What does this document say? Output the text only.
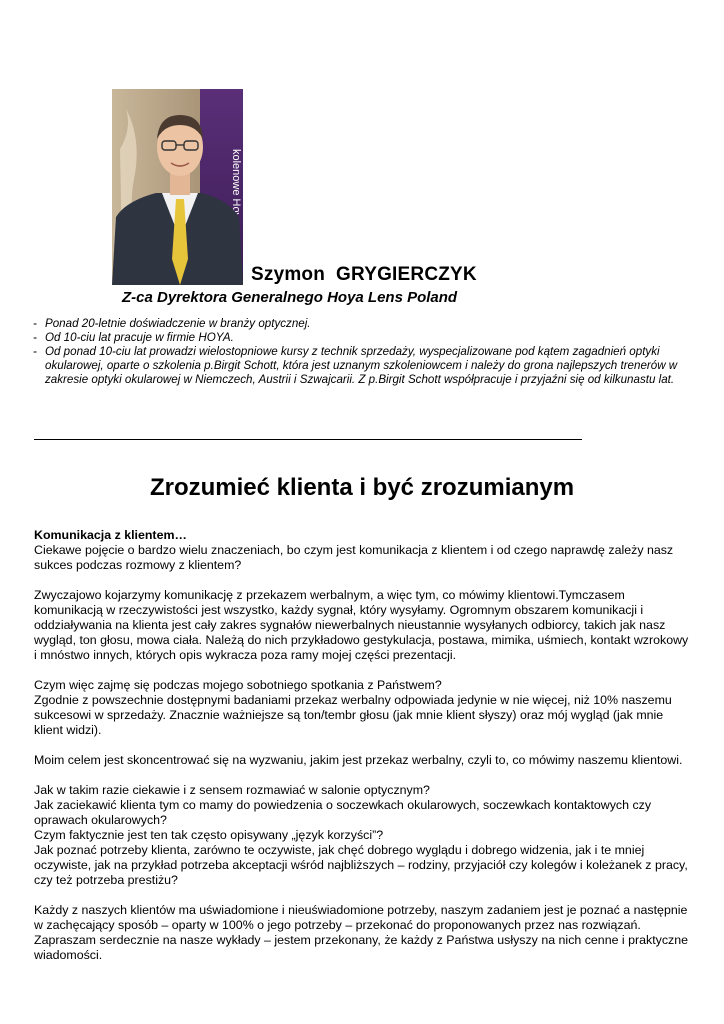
kolenowe Hoy
Szymon  GRYGIERCZYK
Z-ca Dyrektora Generalnego Hoya Lens Poland
- Ponad 20-letnie doświadczenie w branży optycznej.
- Od 10-ciu lat pracuje w firmie HOYA.
- Od ponad 10-ciu lat prowadzi wielostopniowe kursy z technik sprzedaży, wyspecjalizowane pod kątem zagadnień optyki okularowej, oparte o szkolenia p.Birgit Schott, która jest uznanym szkoleniowcem i należy do grona najlepszych trenerów w zakresie optyki okularowej w Niemczech, Austrii i Szwajcarii. Z p.Birgit Schott współpracuje i przyjaźni się od kilkunastu lat.
Zrozumieć klienta i być zrozumianym

Komunikacja z klientem…
Ciekawe pojęcie o bardzo wielu znaczeniach, bo czym jest komunikacja z klientem i od czego naprawdę zależy nasz sukces podczas rozmowy z klientem?

Zwyczajowo kojarzymy komunikację z przekazem werbalnym, a więc tym, co mówimy klientowi.Tymczasem komunikacją w rzeczywistości jest wszystko, każdy sygnał, który wysyłamy. Ogromnym obszarem komunikacji i oddziaływania na klienta jest cały zakres sygnałów niewerbalnych nieustannie wysyłanych odbiorcy, takich jak nasz wygląd, ton głosu, mowa ciała. Należą do nich przykładowo gestykulacja, postawa, mimika, uśmiech, kontakt wzrokowy i mnóstwo innych, których opis wykracza poza ramy mojej części prezentacji.

Czym więc zajmę się podczas mojego sobotniego spotkania z Państwem?
Zgodnie z powszechnie dostępnymi badaniami przekaz werbalny odpowiada jedynie w nie więcej, niż 10% naszemu sukcesowi w sprzedaży. Znacznie ważniejsze są ton/tembr głosu (jak mnie klient słyszy) oraz mój wygląd (jak mnie klient widzi).

Moim celem jest skoncentrować się na wyzwaniu, jakim jest przekaz werbalny, czyli to, co mówimy naszemu klientowi.

Jak w takim razie ciekawie i z sensem rozmawiać w salonie optycznym?
Jak zaciekawić klienta tym co mamy do powiedzenia o soczewkach okularowych, soczewkach kontaktowych czy oprawach okularowych?
Czym faktycznie jest ten tak często opisywany „język korzyści”?
Jak poznać potrzeby klienta, zarówno te oczywiste, jak chęć dobrego wyglądu i dobrego widzenia, jak i te mniej oczywiste, jak na przykład potrzeba akceptacji wśród najbliższych – rodziny, przyjaciół czy kolegów i koleżanek z pracy, czy też potrzeba prestiżu?

Każdy z naszych klientów ma uświadomione i nieuświadomione potrzeby, naszym zadaniem jest je poznać a następnie w zachęcający sposób – oparty w 100% o jego potrzeby – przekonać do proponowanych przez nas rozwiązań. Zapraszam serdecznie na nasze wykłady – jestem przekonany, że każdy z Państwa usłyszy na nich cenne i praktyczne wiadomości.
